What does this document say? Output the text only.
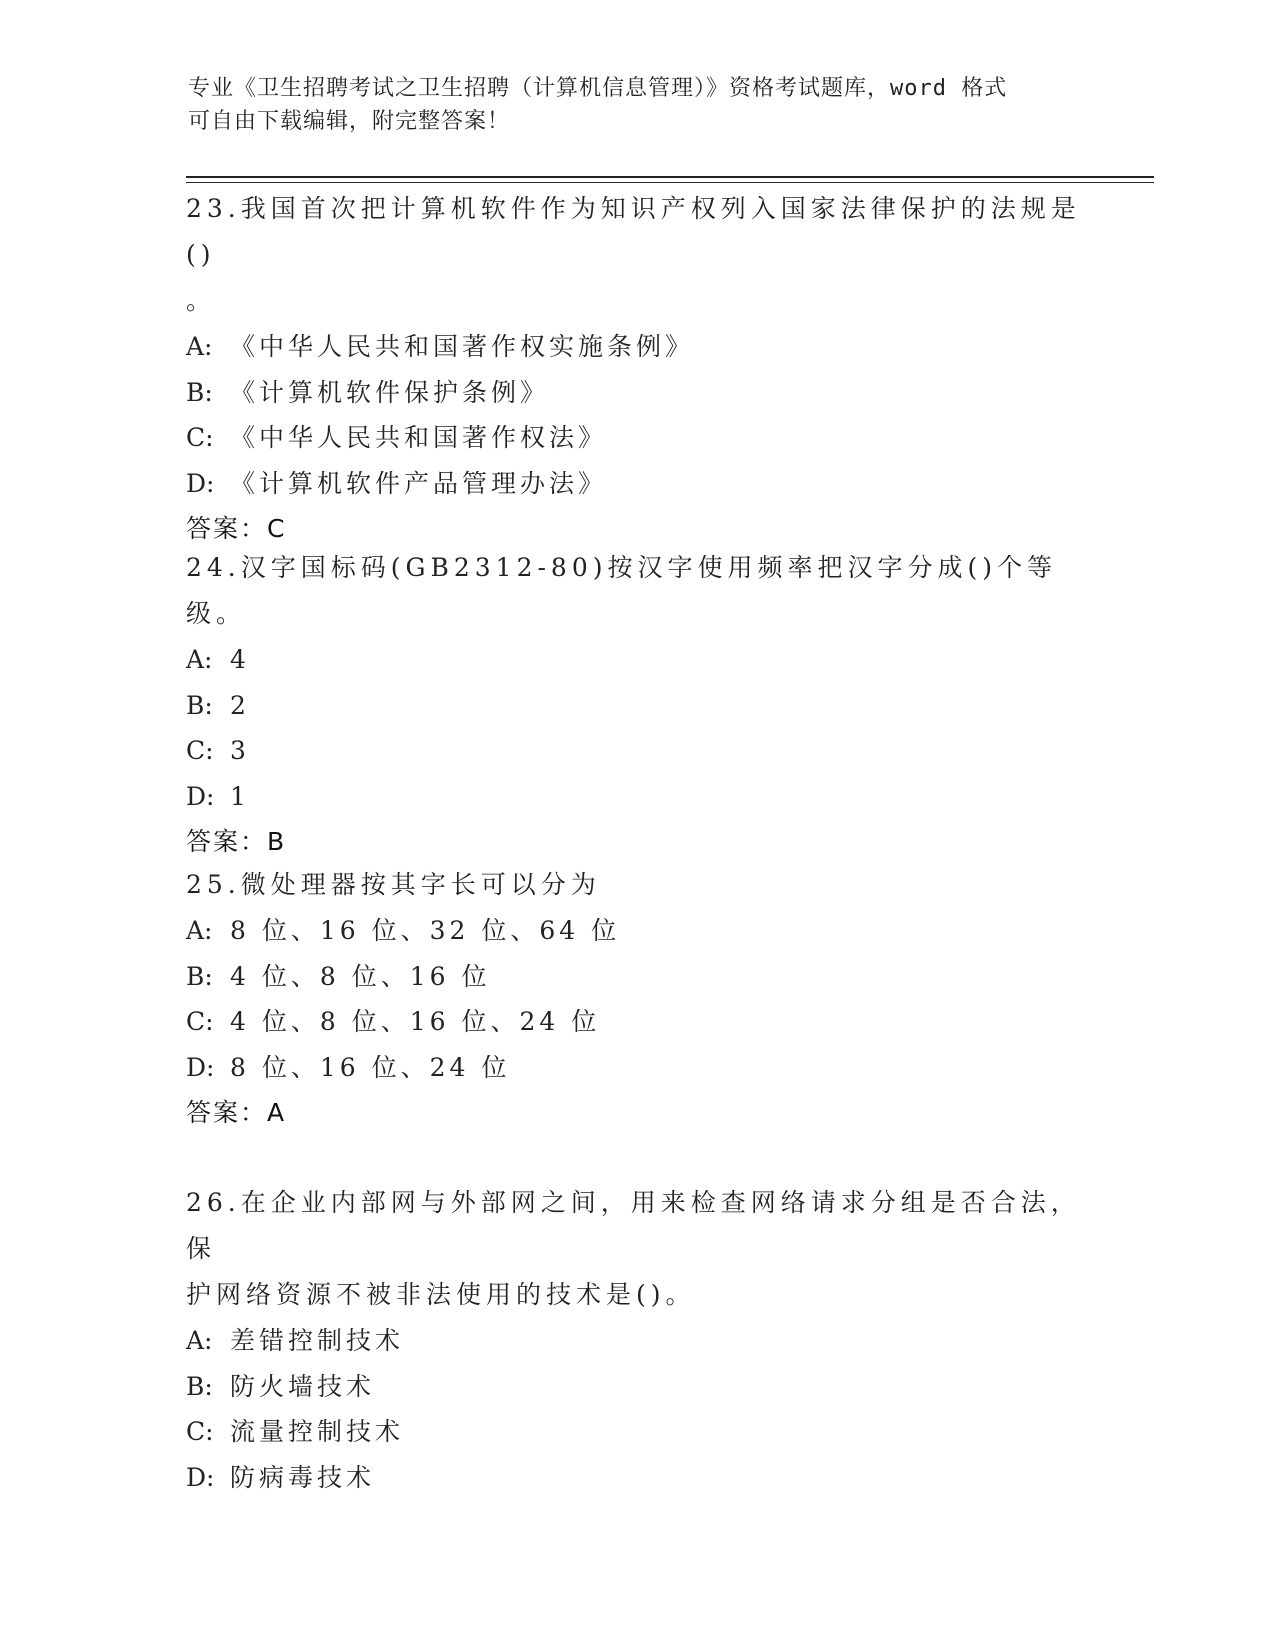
专业《卫生招聘考试之卫生招聘（计算机信息管理）》资格考试题库，word 格式
可自由下载编辑，附完整答案！
23.我国首次把计算机软件作为知识产权列入国家法律保护的法规是()
。
A: 《中华人民共和国著作权实施条例》
B: 《计算机软件保护条例》
C: 《中华人民共和国著作权法》
D: 《计算机软件产品管理办法》
答案：C
24.汉字国标码(GB2312-80)按汉字使用频率把汉字分成()个等级。
A: 4
B: 2
C: 3
D: 1
答案：B
25.微处理器按其字长可以分为
A: 8 位、16 位、32 位、64 位
B: 4 位、8 位、16 位
C: 4 位、8 位、16 位、24 位
D: 8 位、16 位、24 位
答案：A
26.在企业内部网与外部网之间，用来检查网络请求分组是否合法，保
护网络资源不被非法使用的技术是()。
A: 差错控制技术
B: 防火墙技术
C: 流量控制技术
D: 防病毒技术
